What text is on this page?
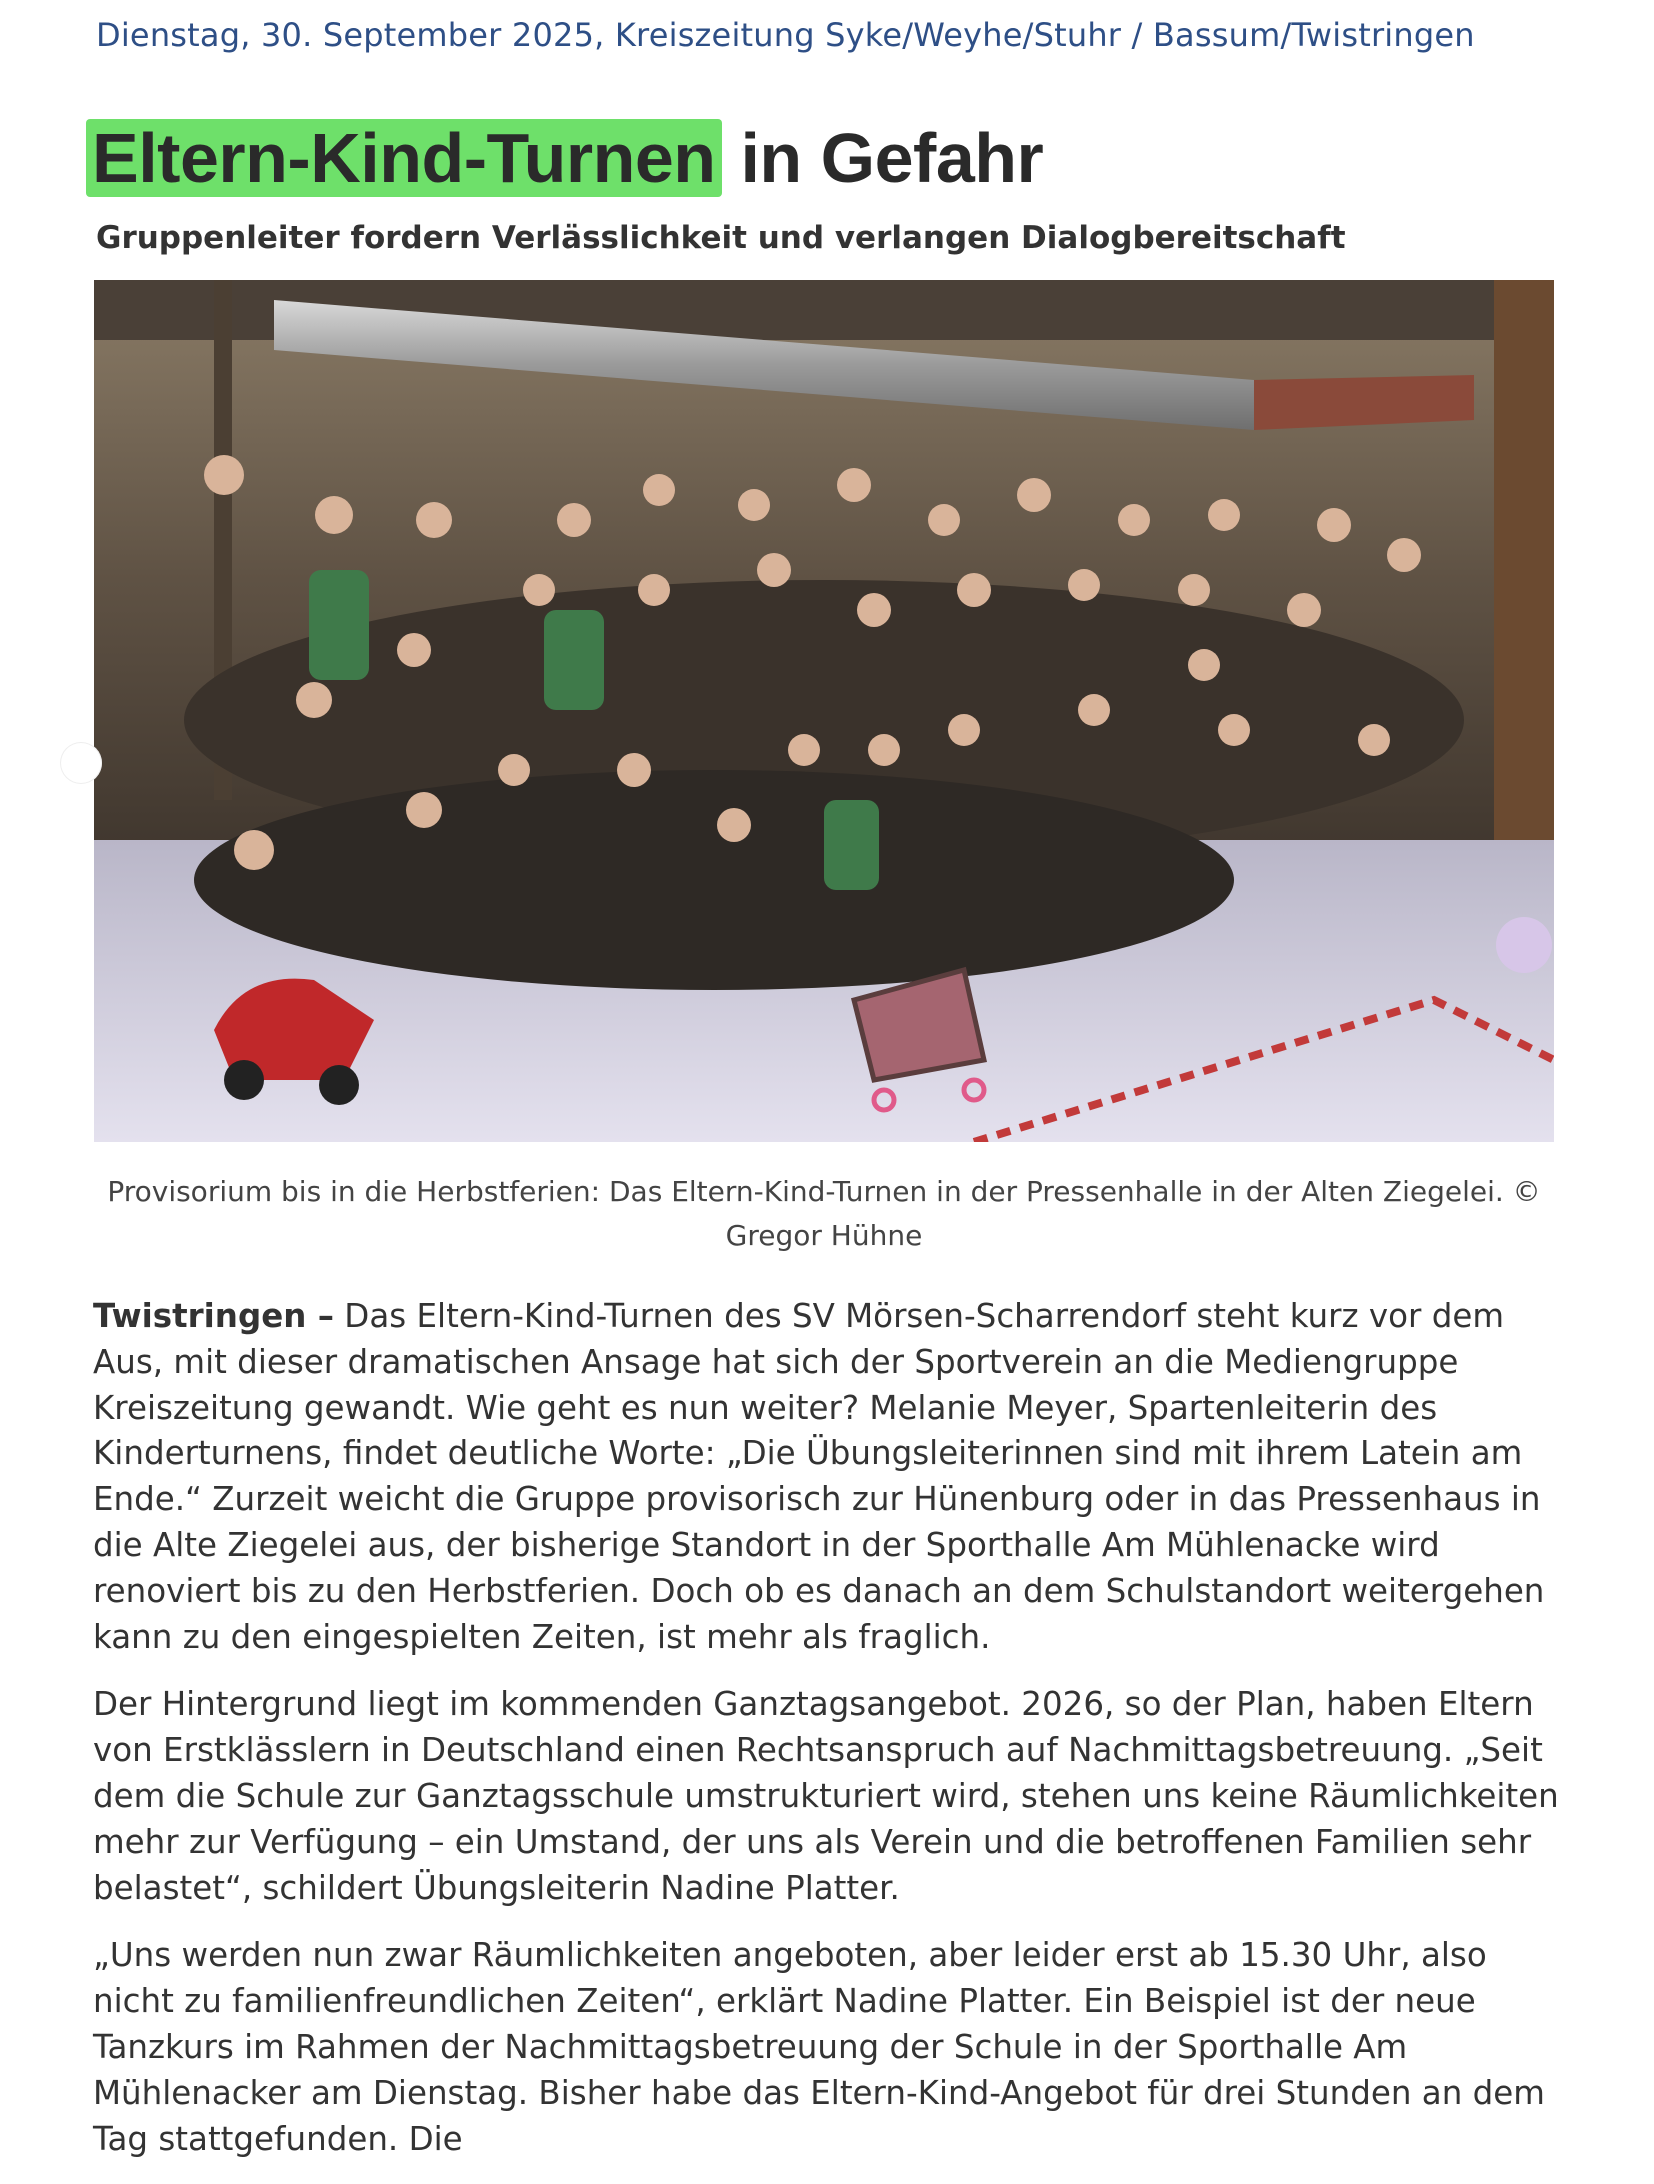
Dienstag, 30. September 2025, Kreiszeitung Syke/Weyhe/Stuhr / Bassum/Twistringen
Eltern-Kind-Turnen in Gefahr
Gruppenleiter fordern Verlässlichkeit und verlangen Dialogbereitschaft
Provisorium bis in die Herbstferien: Das Eltern-Kind-Turnen in der Pressenhalle in der Alten Ziegelei. © Gregor Hühne

Twistringen – Das Eltern-Kind-Turnen des SV Mörsen-Scharrendorf steht kurz vor dem Aus, mit dieser dramatischen Ansage hat sich der Sportverein an die Mediengruppe Kreiszeitung gewandt. Wie geht es nun weiter? Melanie Meyer, Spartenleiterin des Kinderturnens, findet deutliche Worte: „Die Übungsleiterinnen sind mit ihrem Latein am Ende.“ Zurzeit weicht die Gruppe provisorisch zur Hünenburg oder in das Pressenhaus in die Alte Ziegelei aus, der bisherige Standort in der Sporthalle Am Mühlenacke wird renoviert bis zu den Herbstferien. Doch ob es danach an dem Schulstandort weitergehen kann zu den eingespielten Zeiten, ist mehr als fraglich.

Der Hintergrund liegt im kommenden Ganztagsangebot. 2026, so der Plan, haben Eltern von Erstklässlern in Deutschland einen Rechtsanspruch auf Nachmittagsbetreuung. „Seit dem die Schule zur Ganztagsschule umstrukturiert wird, stehen uns keine Räumlichkeiten mehr zur Verfügung – ein Umstand, der uns als Verein und die betroffenen Familien sehr belastet“, schildert Übungsleiterin Nadine Platter.

„Uns werden nun zwar Räumlichkeiten angeboten, aber leider erst ab 15.30 Uhr, also nicht zu familienfreundlichen Zeiten“, erklärt Nadine Platter. Ein Beispiel ist der neue Tanzkurs im Rahmen der Nachmittagsbetreuung der Schule in der Sporthalle Am Mühlenacker am Dienstag. Bisher habe das Eltern-Kind-Angebot für drei Stunden an dem Tag stattgefunden. Die
